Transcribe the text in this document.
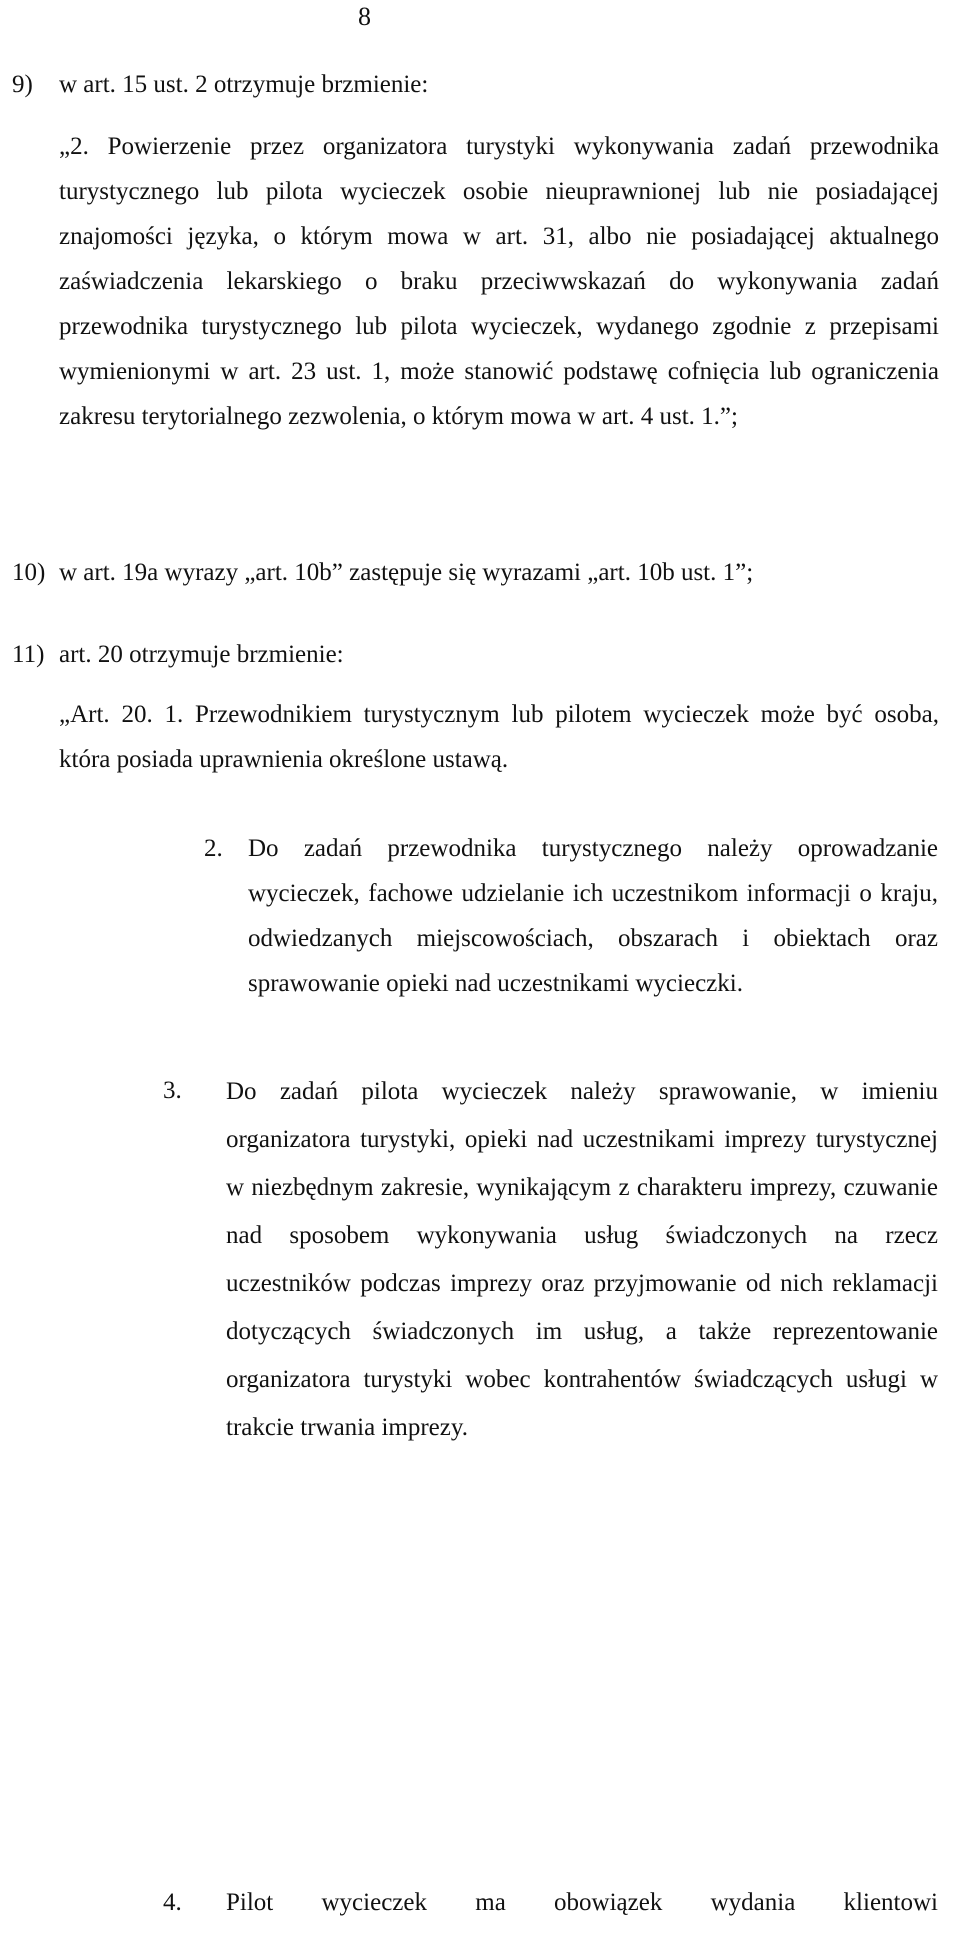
8
9) w art. 15 ust. 2 otrzymuje brzmienie:
„2. Powierzenie przez organizatora turystyki wykonywania zadań przewodnika turystycznego lub pilota wycieczek osobie nieuprawnionej lub nie posiadającej znajomości języka, o którym mowa w art. 31, albo nie posiadającej aktualnego zaświadczenia lekarskiego o braku przeciwwskazań do wykonywania zadań przewodnika turystycznego lub pilota wycieczek, wydanego zgodnie z przepisami wymienionymi w art. 23 ust. 1, może stanowić podstawę cofnięcia lub ograniczenia zakresu terytorialnego zezwolenia, o którym mowa w art. 4 ust. 1.”;
10) w art. 19a wyrazy „art. 10b” zastępuje się wyrazami „art. 10b ust. 1”;
11) art. 20 otrzymuje brzmienie:
„Art. 20. 1. Przewodnikiem turystycznym lub pilotem wycieczek może być osoba, która posiada uprawnienia określone ustawą.
2. Do zadań przewodnika turystycznego należy oprowadzanie wycieczek, fachowe udzielanie ich uczestnikom informacji o kraju, odwiedzanych miejscowościach, obszarach i obiektach oraz sprawowanie opieki nad uczestnikami wycieczki.
3. Do zadań pilota wycieczek należy sprawowanie, w imieniu organizatora turystyki, opieki nad uczestnikami imprezy turystycznej w niezbędnym zakresie, wynikającym z charakteru imprezy, czuwanie nad sposobem wykonywania usług świadczonych na rzecz uczestników podczas imprezy oraz przyjmowanie od nich reklamacji dotyczących świadczonych im usług, a także reprezentowanie organizatora turystyki wobec kontrahentów świadczących usługi w trakcie trwania imprezy.
4. Pilot wycieczek ma obowiązek wydania klientowi
